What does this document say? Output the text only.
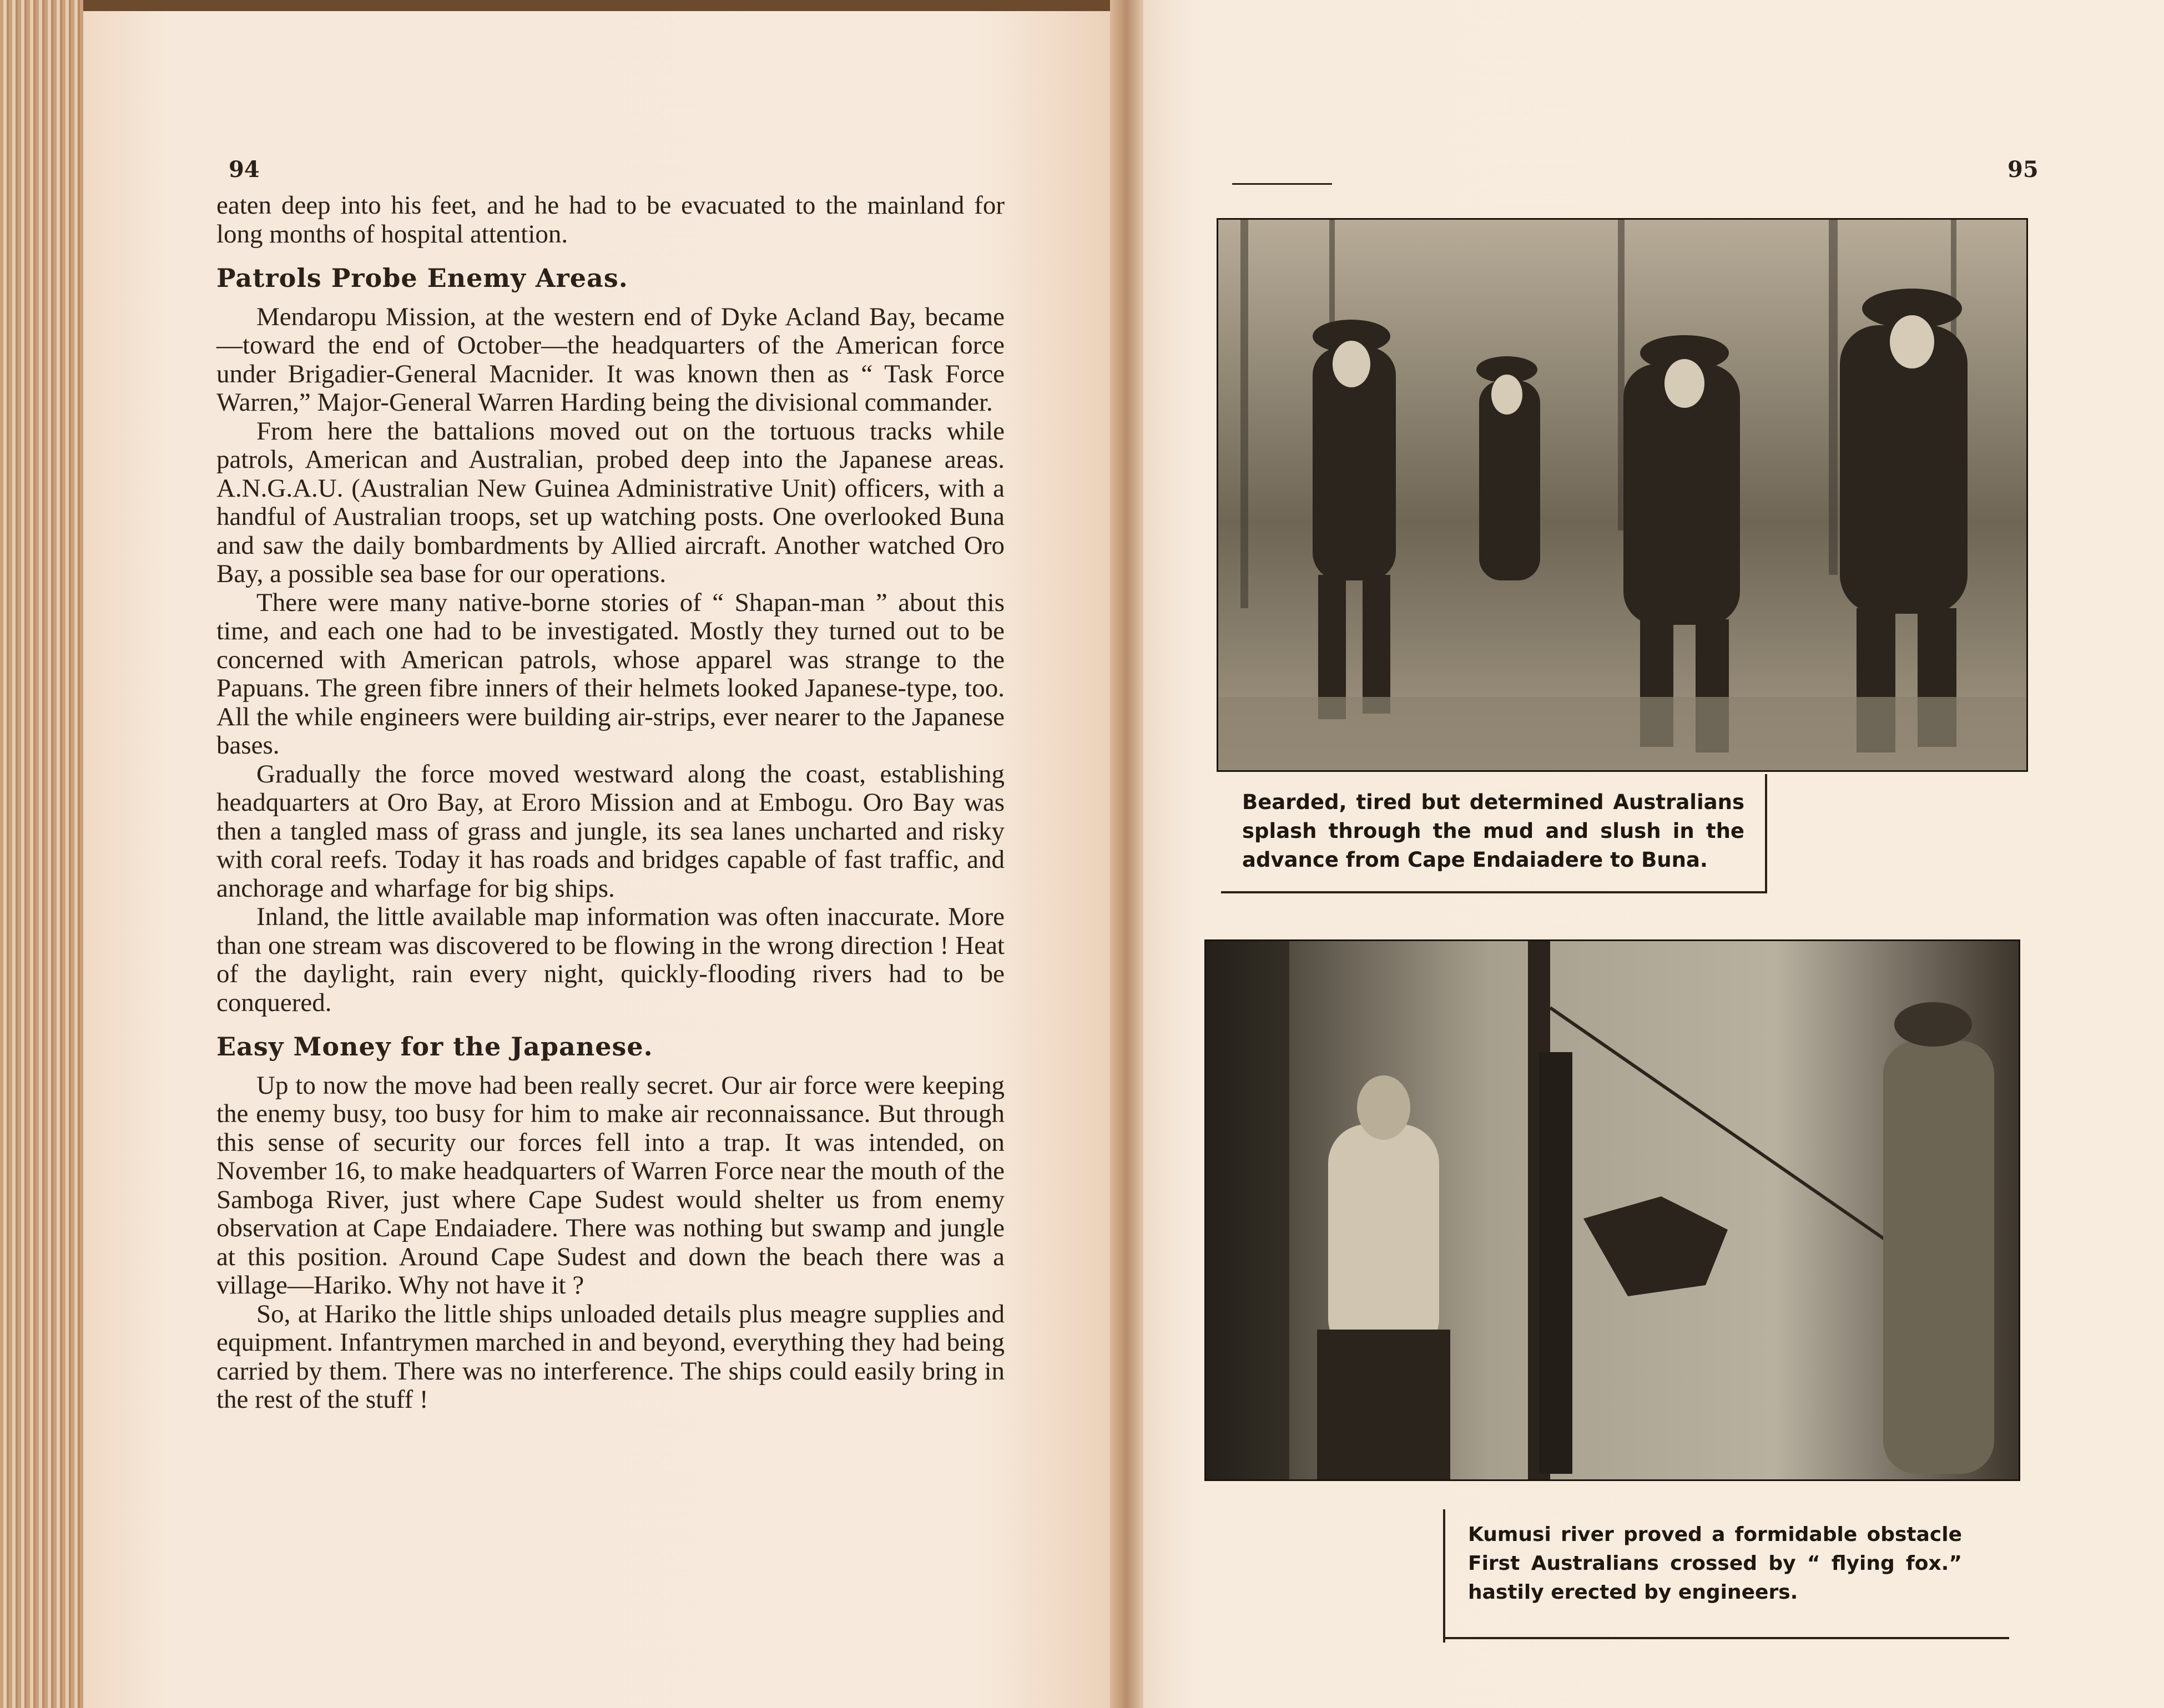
94

eaten deep into his feet, and he had to be evacuated to the mainland for long months of hospital attention.

Patrols Probe Enemy Areas.

Mendaropu Mission, at the western end of Dyke Acland Bay, became—toward the end of October—the headquarters of the American force under Brigadier-General Macnider. It was known then as “ Task Force Warren,” Major-General Warren Harding being the divisional commander.

From here the battalions moved out on the tortuous tracks while patrols, American and Australian, probed deep into the Japanese areas. A.N.G.A.U. (Australian New Guinea Administrative Unit) officers, with a handful of Australian troops, set up watching posts. One overlooked Buna and saw the daily bombardments by Allied aircraft. Another watched Oro Bay, a possible sea base for our operations.

There were many native-borne stories of “ Shapan-man ” about this time, and each one had to be investigated. Mostly they turned out to be concerned with American patrols, whose apparel was strange to the Papuans. The green fibre inners of their helmets looked Japanese-type, too. All the while engineers were building air-strips, ever nearer to the Japanese bases.

Gradually the force moved westward along the coast, establishing headquarters at Oro Bay, at Eroro Mission and at Embogu. Oro Bay was then a tangled mass of grass and jungle, its sea lanes uncharted and risky with coral reefs. Today it has roads and bridges capable of fast traffic, and anchorage and wharfage for big ships.

Inland, the little available map information was often inaccurate. More than one stream was discovered to be flowing in the wrong direction ! Heat of the daylight, rain every night, quickly-flooding rivers had to be conquered.

Easy Money for the Japanese.

Up to now the move had been really secret. Our air force were keeping the enemy busy, too busy for him to make air reconnaissance. But through this sense of security our forces fell into a trap. It was intended, on November 16, to make headquarters of Warren Force near the mouth of the Samboga River, just where Cape Sudest would shelter us from enemy observation at Cape Endaiadere. There was nothing but swamp and jungle at this position. Around Cape Sudest and down the beach there was a village—Hariko. Why not have it ?

So, at Hariko the little ships unloaded details plus meagre supplies and equipment. Infantrymen marched in and beyond, everything they had being carried by them. There was no interference. The ships could easily bring in the rest of the stuff !

95
Bearded, tired but determined Australians splash through the mud and slush in the advance from Cape Endaiadere to Buna.
Kumusi river proved a formidable obstacle First Australians crossed by “ flying fox.” hastily erected by engineers.
